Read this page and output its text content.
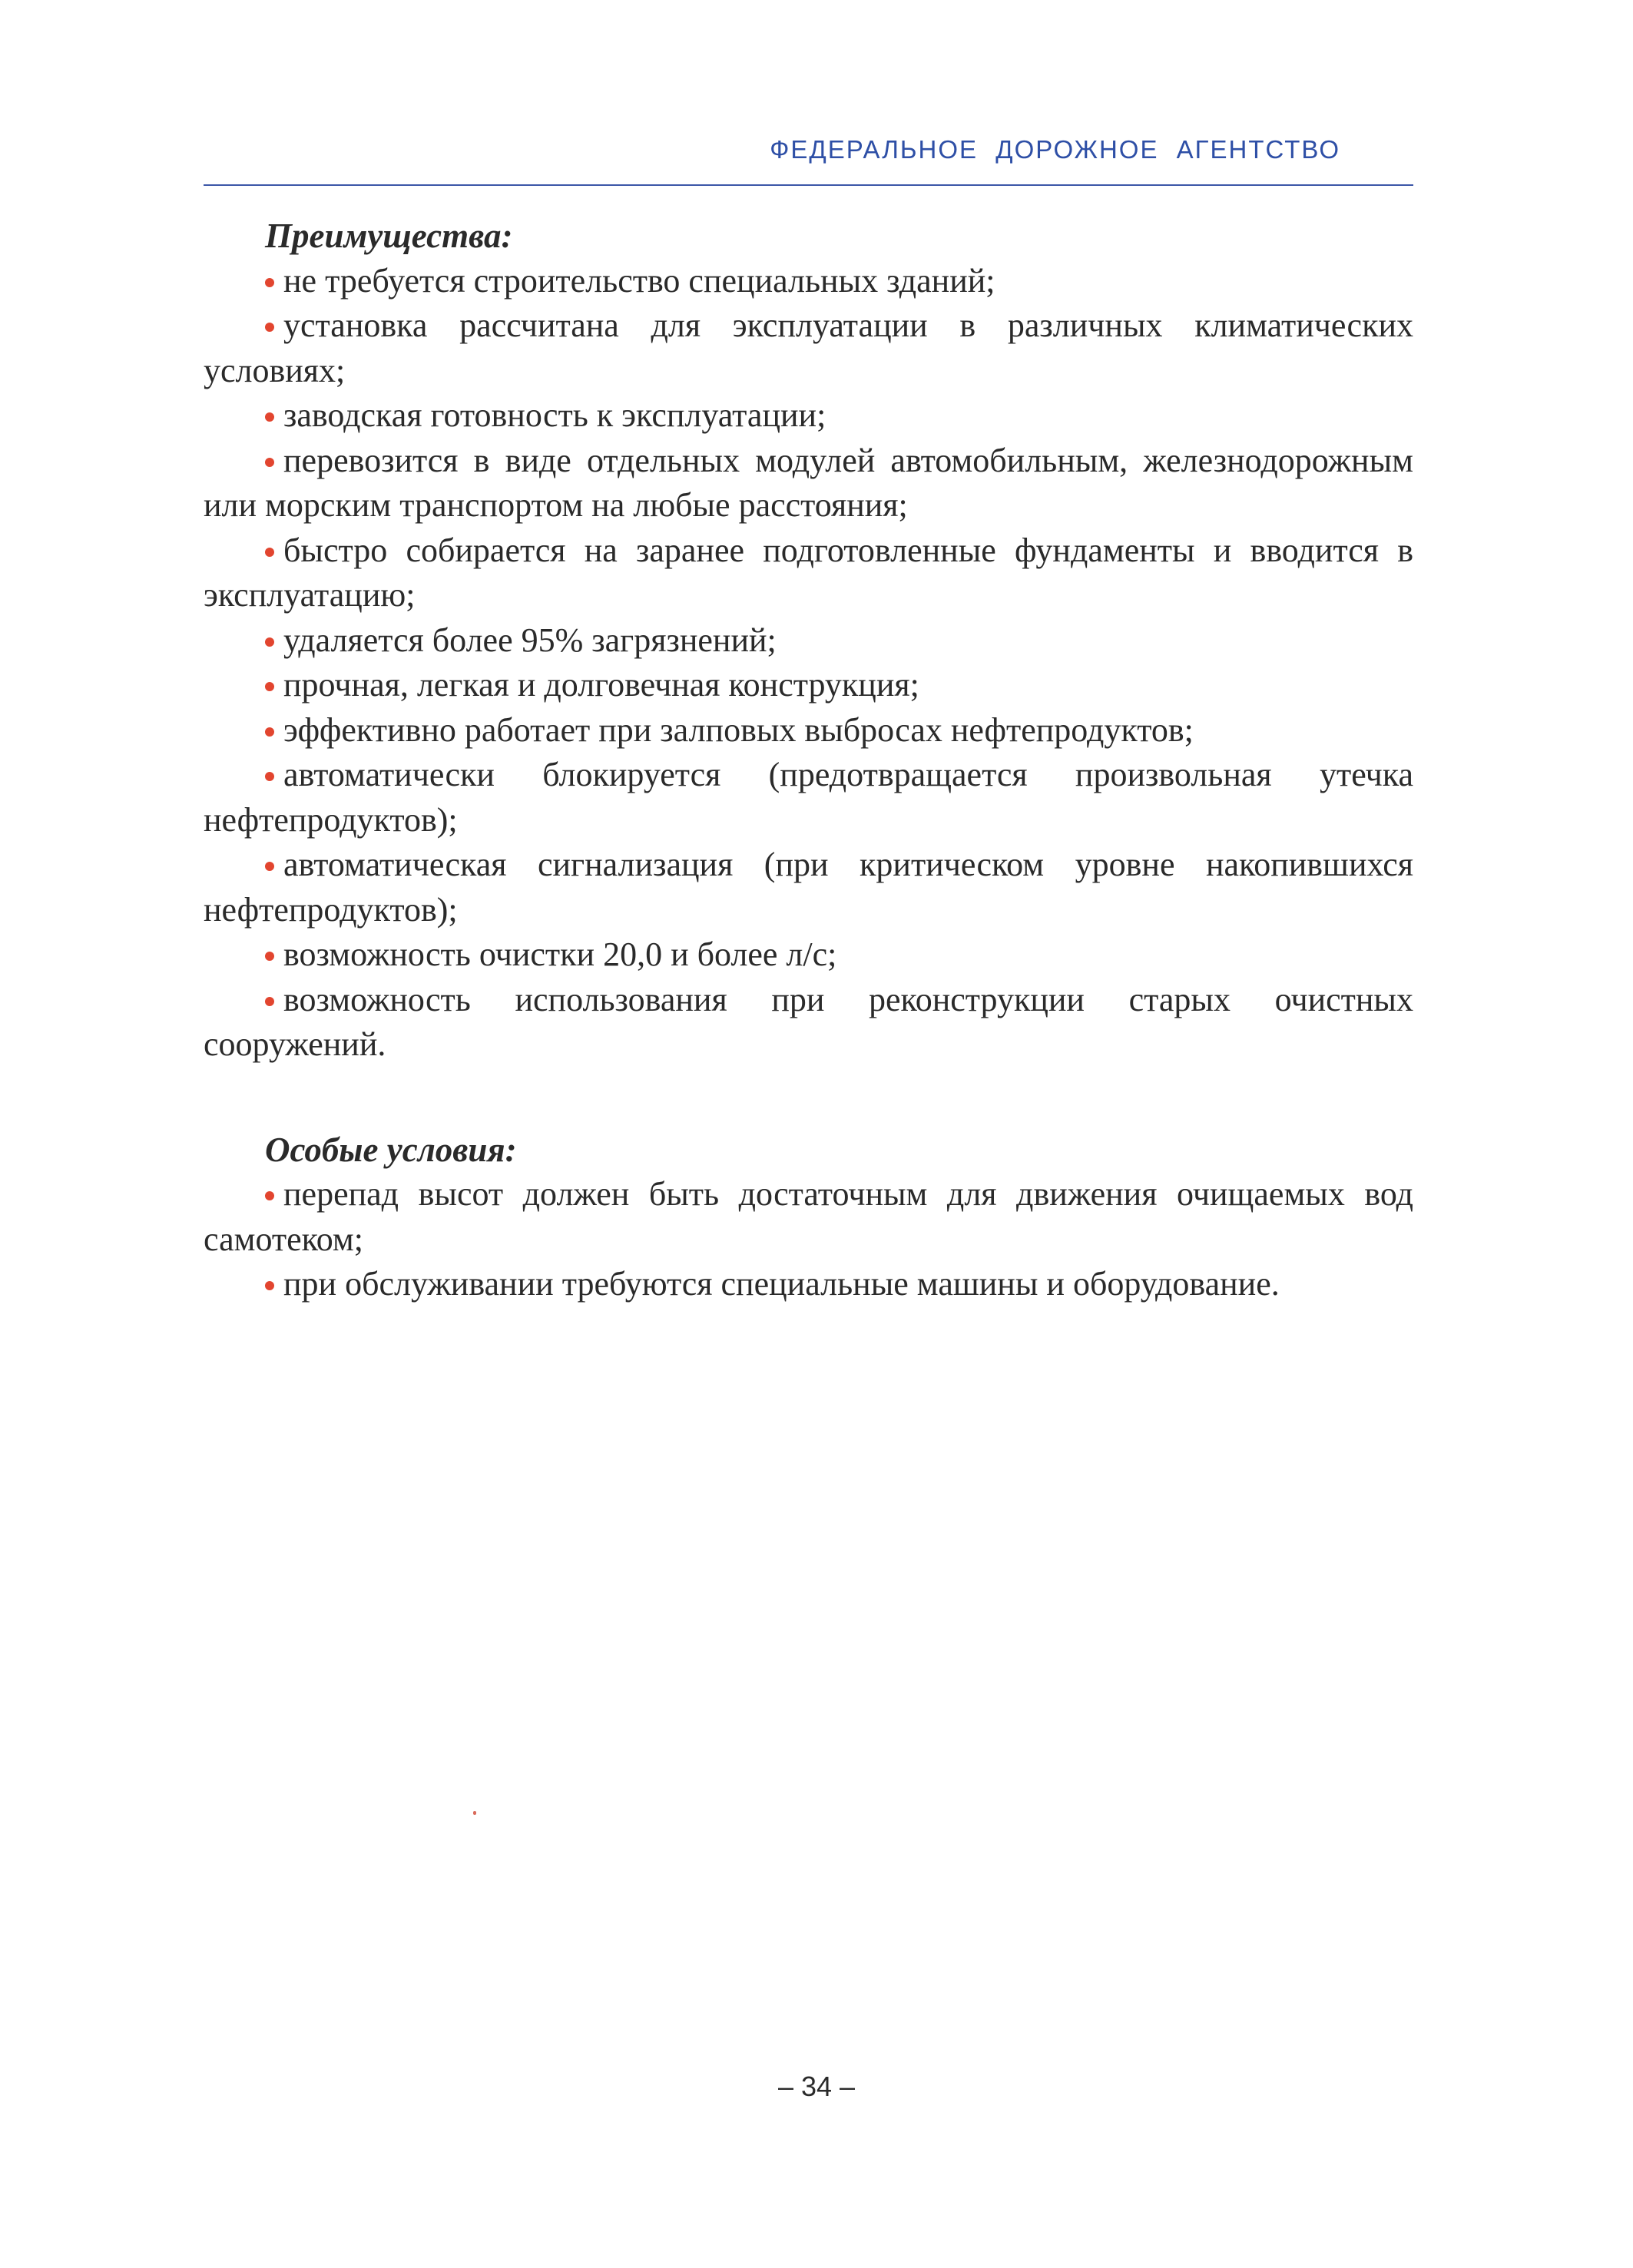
ФЕДЕРАЛЬНОЕ ДОРОЖНОЕ АГЕНТСТВО
Преимущества:
не требуется строительство специальных зданий;
установка рассчитана для эксплуатации в различных климатических условиях;
заводская готовность к эксплуатации;
перевозится в виде отдельных модулей автомобильным, железнодорожным или морским транспортом на любые расстояния;
быстро собирается на заранее подготовленные фундаменты и вводится в эксплуатацию;
удаляется более 95% загрязнений;
прочная, легкая и долговечная конструкция;
эффективно работает при залповых выбросах нефтепродуктов;
автоматически блокируется (предотвращается произвольная утечка нефтепродуктов);
автоматическая сигнализация (при критическом уровне накопившихся нефтепродуктов);
возможность очистки 20,0 и более л/с;
возможность использования при реконструкции старых очистных сооружений.
Особые условия:
перепад высот должен быть достаточным для движения очищаемых вод самотеком;
при обслуживании требуются специальные машины и оборудование.
– 34 –
